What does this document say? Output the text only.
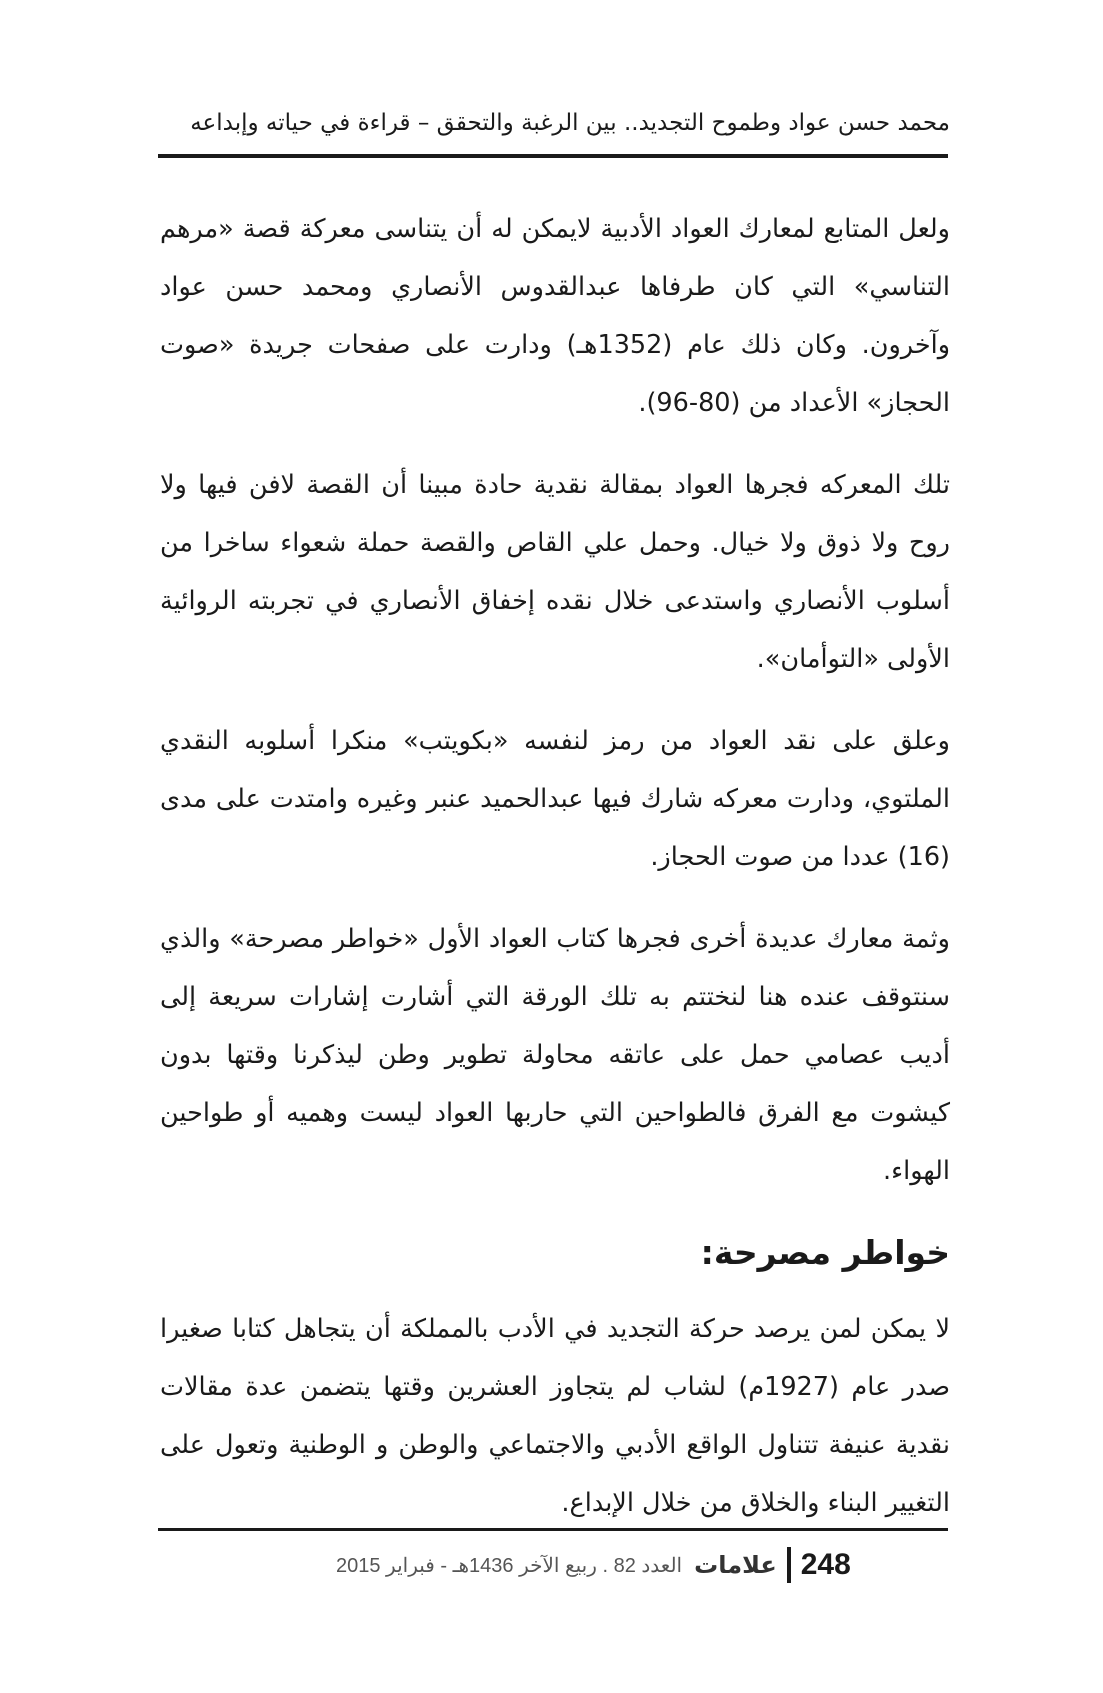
محمد حسن عواد وطموح التجديد.. بين الرغبة والتحقق – قراءة في حياته وإبداعه

ولعل المتابع لمعارك العواد الأدبية لايمكن له أن يتناسى معركة قصة «مرهم التناسي» التي كان طرفاها عبدالقدوس الأنصاري ومحمد حسن عواد وآخرون. وكان ذلك عام (1352هـ) ودارت على صفحات جريدة «صوت الحجاز» الأعداد من (80-96).

تلك المعركه فجرها العواد بمقالة نقدية حادة مبينا أن القصة لافن فيها ولا روح ولا ذوق ولا خيال. وحمل علي القاص والقصة حملة شعواء ساخرا من أسلوب الأنصاري واستدعى خلال نقده إخفاق الأنصاري في تجربته الروائية الأولى «التوأمان».

وعلق على نقد العواد من رمز لنفسه «بكويتب» منكرا أسلوبه النقدي الملتوي، ودارت معركه شارك فيها عبدالحميد عنبر وغيره وامتدت على مدى (16) عددا من صوت الحجاز.

وثمة معارك عديدة أخرى فجرها كتاب العواد الأول «خواطر مصرحة» والذي سنتوقف عنده هنا لنختتم به تلك الورقة التي أشارت إشارات سريعة إلى أديب عصامي حمل على عاتقه محاولة تطوير وطن ليذكرنا وقتها بدون كيشوت مع الفرق فالطواحين التي حاربها العواد ليست وهميه أو طواحين الهواء.

خواطر مصرحة:

لا يمكن لمن يرصد حركة التجديد في الأدب بالمملكة أن يتجاهل كتابا صغيرا صدر عام (1927م) لشاب لم يتجاوز العشرين وقتها يتضمن عدة مقالات نقدية عنيفة تتناول الواقع الأدبي والاجتماعي والوطن و الوطنية وتعول على التغيير البناء والخلاق من خلال الإبداع.

العدد 82 . ربيع الآخر 1436هـ - فبراير 2015 علامات 248
